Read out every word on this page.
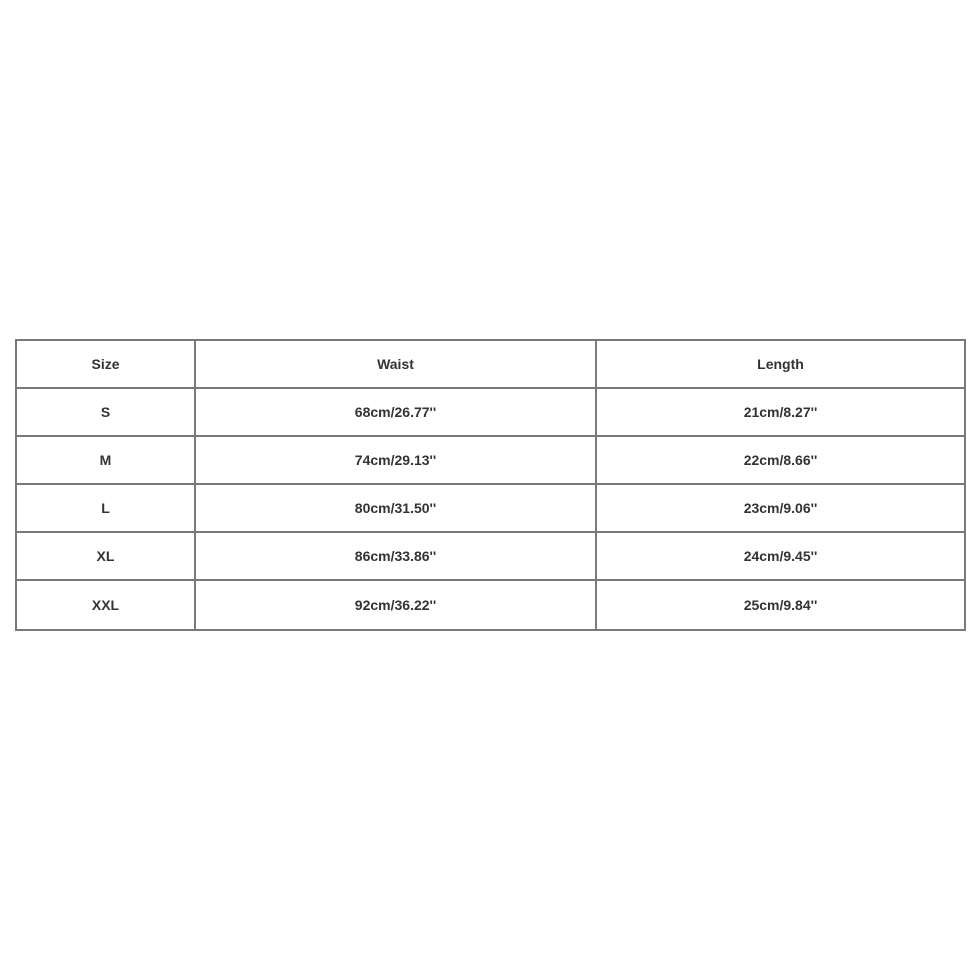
Size	Waist	Length
S	68cm/26.77''	21cm/8.27''
M	74cm/29.13''	22cm/8.66''
L	80cm/31.50''	23cm/9.06''
XL	86cm/33.86''	24cm/9.45''
XXL	92cm/36.22''	25cm/9.84''
